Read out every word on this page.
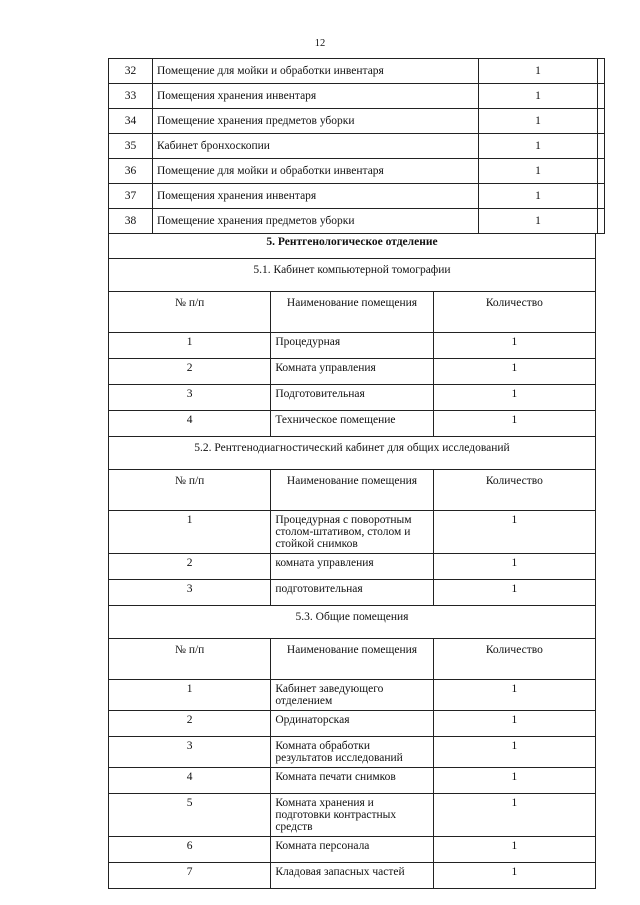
12
32	Помещение для мойки и обработки инвентаря	1	
33	Помещения хранения инвентаря	1	
34	Помещение хранения предметов уборки	1	
35	Кабинет бронхоскопии	1	
36	Помещение для мойки и обработки инвентаря	1	
37	Помещения хранения инвентаря	1	
38	Помещение хранения предметов уборки	1	
5. Рентгенологическое отделение		
5.1. Кабинет компьютерной томографии		
№ п/п	Наименование помещения	Количество
1	Процедурная	1
2	Комната управления	1
3	Подготовительная	1
4	Техническое помещение	1
5.2. Рентгенодиагностический кабинет для общих исследований		
№ п/п	Наименование помещения	Количество
1	Процедурная с поворотным столом-штативом, столом и стойкой снимков	1
2	комната управления	1
3	подготовительная	1
5.3. Общие помещения		
№ п/п	Наименование помещения	Количество
1	Кабинет заведующего отделением	1
2	Ординаторская	1
3	Комната обработки результатов исследований	1
4	Комната печати снимков	1
5	Комната хранения и подготовки контрастных средств	1
6	Комната персонала	1
7	Кладовая запасных частей	1
